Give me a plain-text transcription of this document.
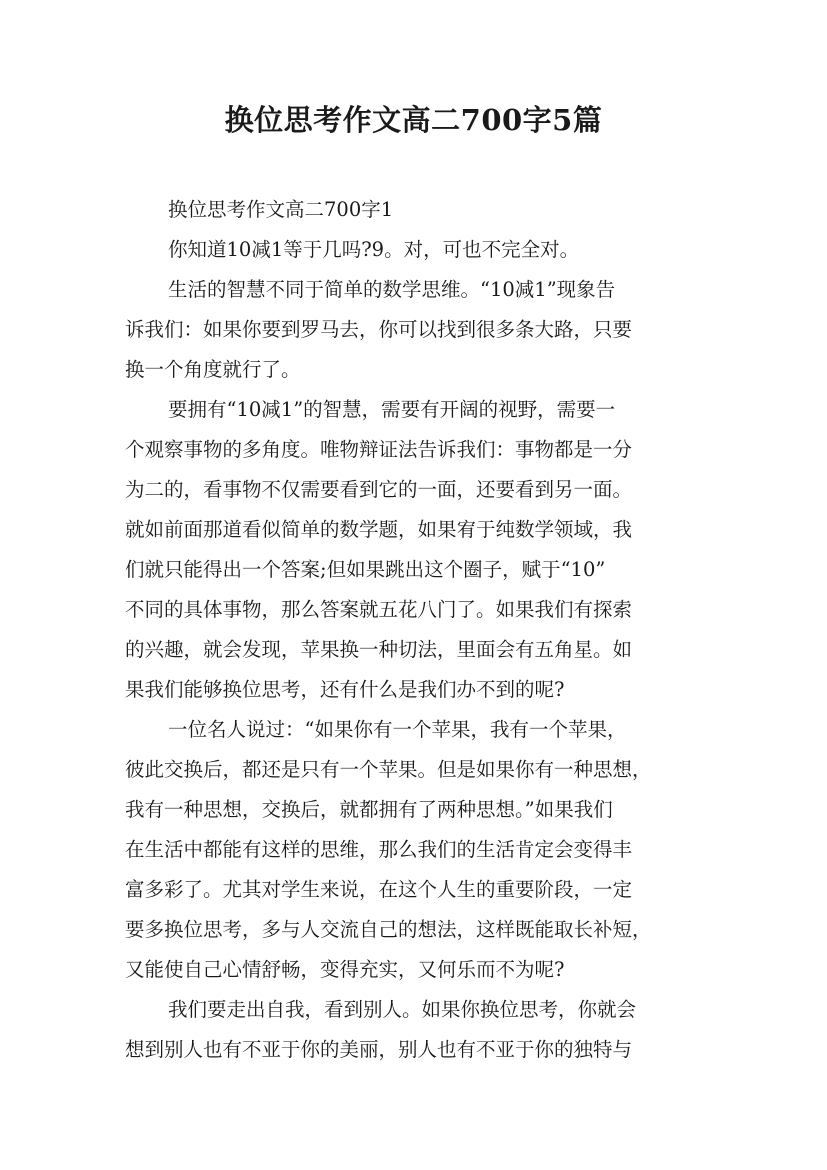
换位思考作文高二700字5篇
换位思考作文高二700字1
你知道10减1等于几吗?9。对，可也不完全对。
生活的智慧不同于简单的数学思维。“10减1”现象告
诉我们：如果你要到罗马去，你可以找到很多条大路，只要
换一个角度就行了。
要拥有“10减1”的智慧，需要有开阔的视野，需要一
个观察事物的多角度。唯物辩证法告诉我们：事物都是一分
为二的，看事物不仅需要看到它的一面，还要看到另一面。
就如前面那道看似简单的数学题，如果宥于纯数学领域，我
们就只能得出一个答案;但如果跳出这个圈子，赋于“10”
不同的具体事物，那么答案就五花八门了。如果我们有探索
的兴趣，就会发现，苹果换一种切法，里面会有五角星。如
果我们能够换位思考，还有什么是我们办不到的呢?
一位名人说过：“如果你有一个苹果，我有一个苹果，
彼此交换后，都还是只有一个苹果。但是如果你有一种思想，
我有一种思想，交换后，就都拥有了两种思想。”如果我们
在生活中都能有这样的思维，那么我们的生活肯定会变得丰
富多彩了。尤其对学生来说，在这个人生的重要阶段，一定
要多换位思考，多与人交流自己的想法，这样既能取长补短，
又能使自己心情舒畅，变得充实，又何乐而不为呢?
我们要走出自我，看到别人。如果你换位思考，你就会
想到别人也有不亚于你的美丽，别人也有不亚于你的独特与
